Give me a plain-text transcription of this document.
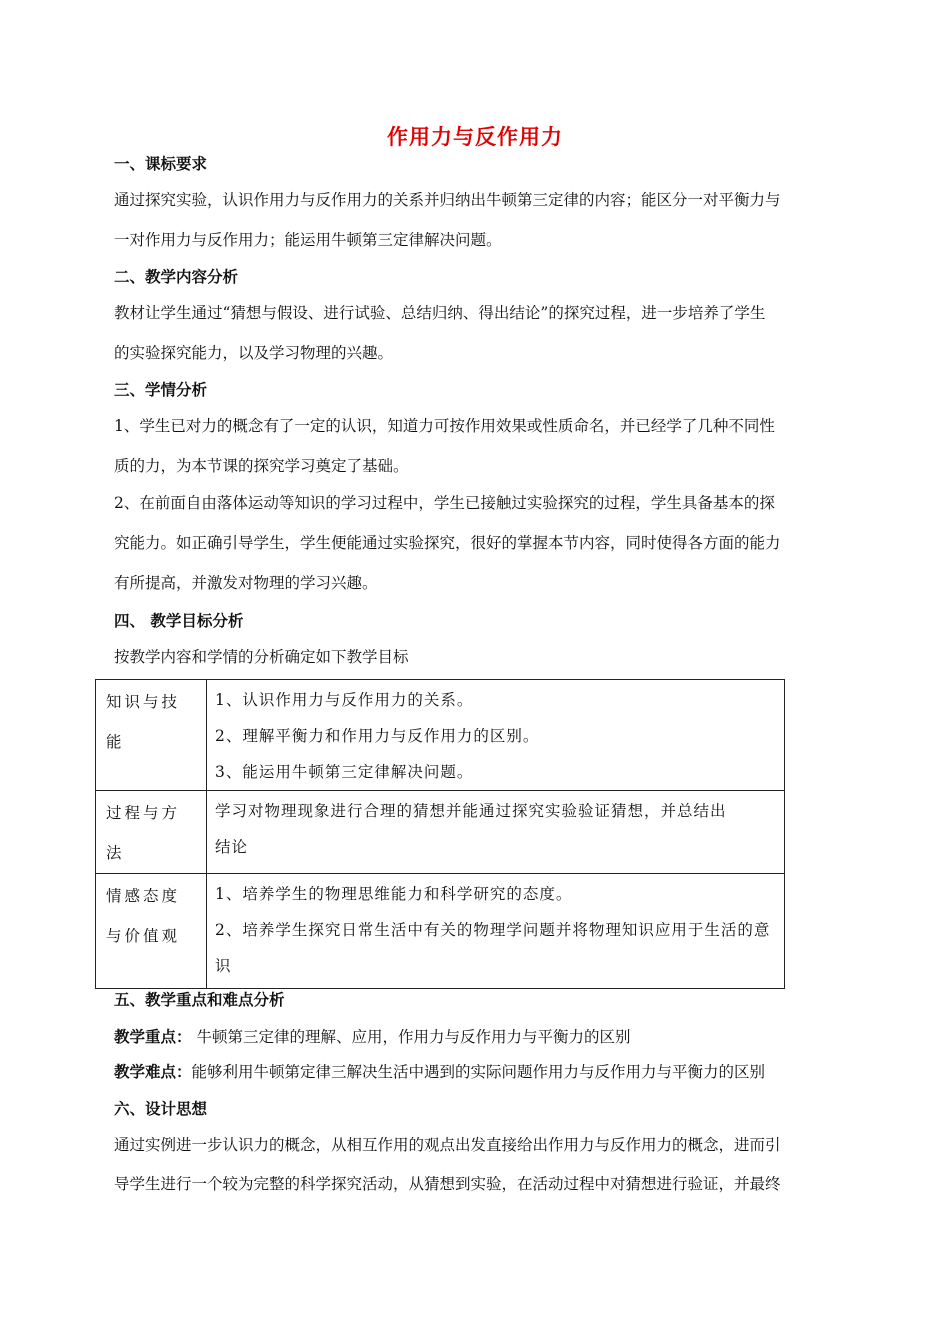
作用力与反作用力
一、课标要求
通过探究实验，认识作用力与反作用力的关系并归纳出牛顿第三定律的内容；能区分一对平衡力与
一对作用力与反作用力；能运用牛顿第三定律解决问题。
二、教学内容分析
教材让学生通过“猜想与假设、进行试验、总结归纳、得出结论”的探究过程，进一步培养了学生
的实验探究能力，以及学习物理的兴趣。
三、学情分析
1、学生已对力的概念有了一定的认识，知道力可按作用效果或性质命名，并已经学了几种不同性
质的力，为本节课的探究学习奠定了基础。
2、在前面自由落体运动等知识的学习过程中，学生已接触过实验探究的过程，学生具备基本的探
究能力。如正确引导学生，学生便能通过实验探究，很好的掌握本节内容，同时使得各方面的能力
有所提高，并激发对物理的学习兴趣。
四、 教学目标分析
按教学内容和学情的分析确定如下教学目标
知识与技
能	1、认识作用力与反作用力的关系。
2、理解平衡力和作用力与反作用力的区别。
3、能运用牛顿第三定律解决问题。

过程与方
法	学习对物理现象进行合理的猜想并能通过探究实验验证猜想，并总结出
结论

情感态度
与价值观	1、培养学生的物理思维能力和科学研究的态度。
2、培养学生探究日常生活中有关的物理学问题并将物理知识应用于生活的意
识
五、教学重点和难点分析
教学重点： 牛顿第三定律的理解、应用，作用力与反作用力与平衡力的区别
教学难点：能够利用牛顿第定律三解决生活中遇到的实际问题作用力与反作用力与平衡力的区别
六、设计思想
通过实例进一步认识力的概念，从相互作用的观点出发直接给出作用力与反作用力的概念，进而引
导学生进行一个较为完整的科学探究活动，从猜想到实验，在活动过程中对猜想进行验证，并最终
